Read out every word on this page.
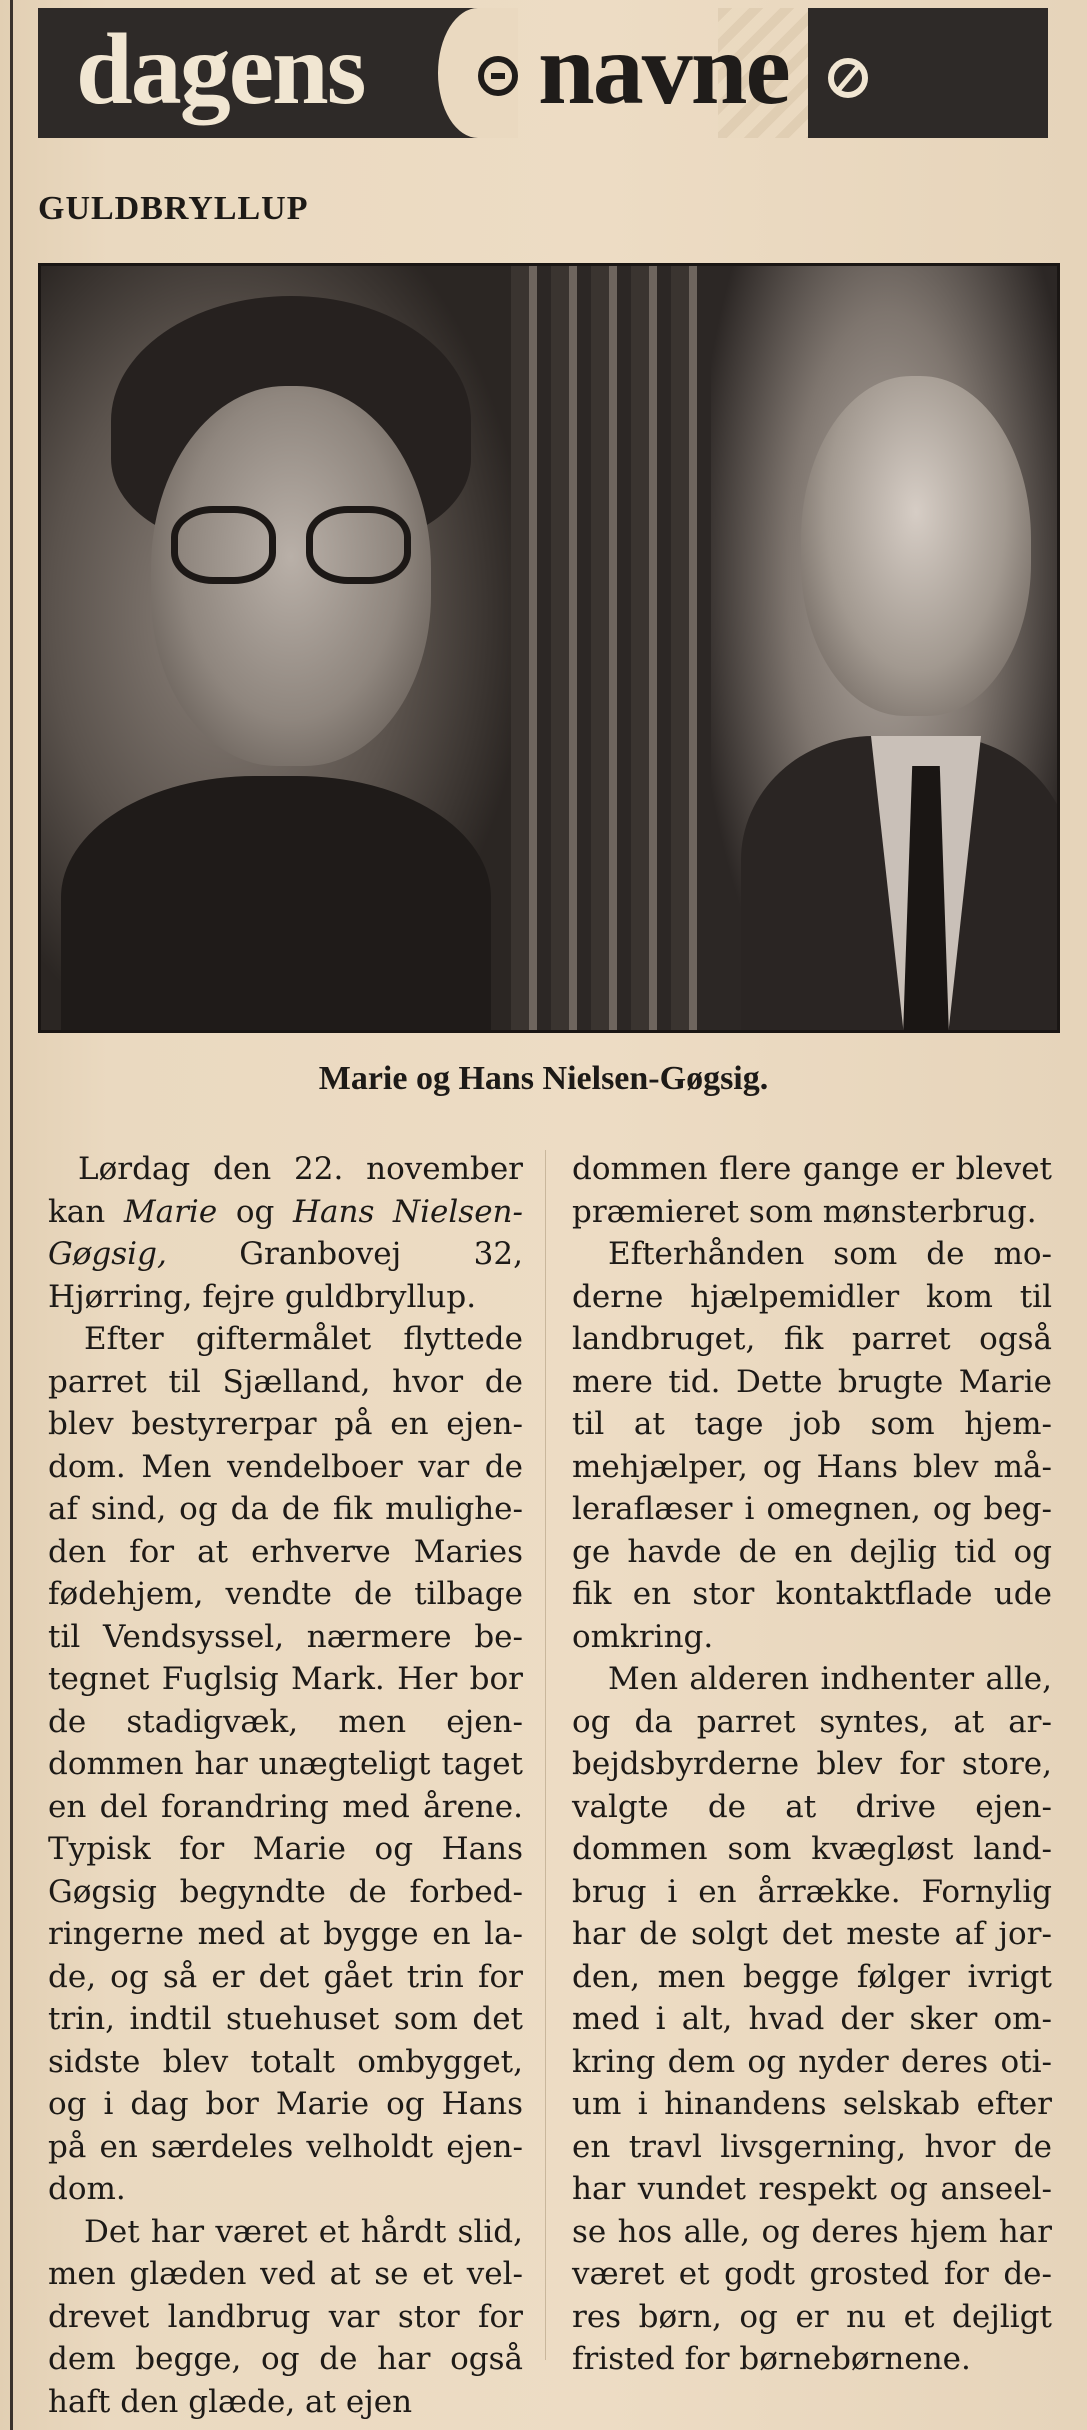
dagens navne
GULDBRYLLUP
Marie og Hans Nielsen-Gøgsig.

Lørdag den 22. november kan Marie og Hans Nielsen-Gøgsig, Granbovej 32, Hjørring, fejre guldbryllup.

Efter giftermålet flyttede parret til Sjælland, hvor de blev bestyrerpar på en ejendom. Men vendelboer var de af sind, og da de fik muligheden for at erhverve Maries fødehjem, vendte de tilbage til Vendsyssel, nærmere betegnet Fuglsig Mark. Her bor de stadigvæk, men ejendommen har unægteligt taget en del forandring med årene. Typisk for Marie og Hans Gøgsig begyndte de forbedringerne med at bygge en lade, og så er det gået trin for trin, indtil stuehuset som det sidste blev totalt ombygget, og i dag bor Marie og Hans på en særdeles velholdt ejendom.

Det har været et hårdt slid, men glæden ved at se et veldrevet landbrug var stor for dem begge, og de har også haft den glæde, at ejen

dommen flere gange er blevet præmieret som mønsterbrug.

Efterhånden som de moderne hjælpemidler kom til landbruget, fik parret også mere tid. Dette brugte Marie til at tage job som hjemmehjælper, og Hans blev måleraflæser i omegnen, og begge havde de en dejlig tid og fik en stor kontaktflade ude omkring.

Men alderen indhenter alle, og da parret syntes, at arbejdsbyrderne blev for store, valgte de at drive ejendommen som kvægløst landbrug i en årrække. Fornylig har de solgt det meste af jorden, men begge følger ivrigt med i alt, hvad der sker omkring dem og nyder deres otium i hinandens selskab efter en travl livsgerning, hvor de har vundet respekt og anseelse hos alle, og deres hjem har været et godt grosted for deres børn, og er nu et dejligt fristed for børnebørnene.
